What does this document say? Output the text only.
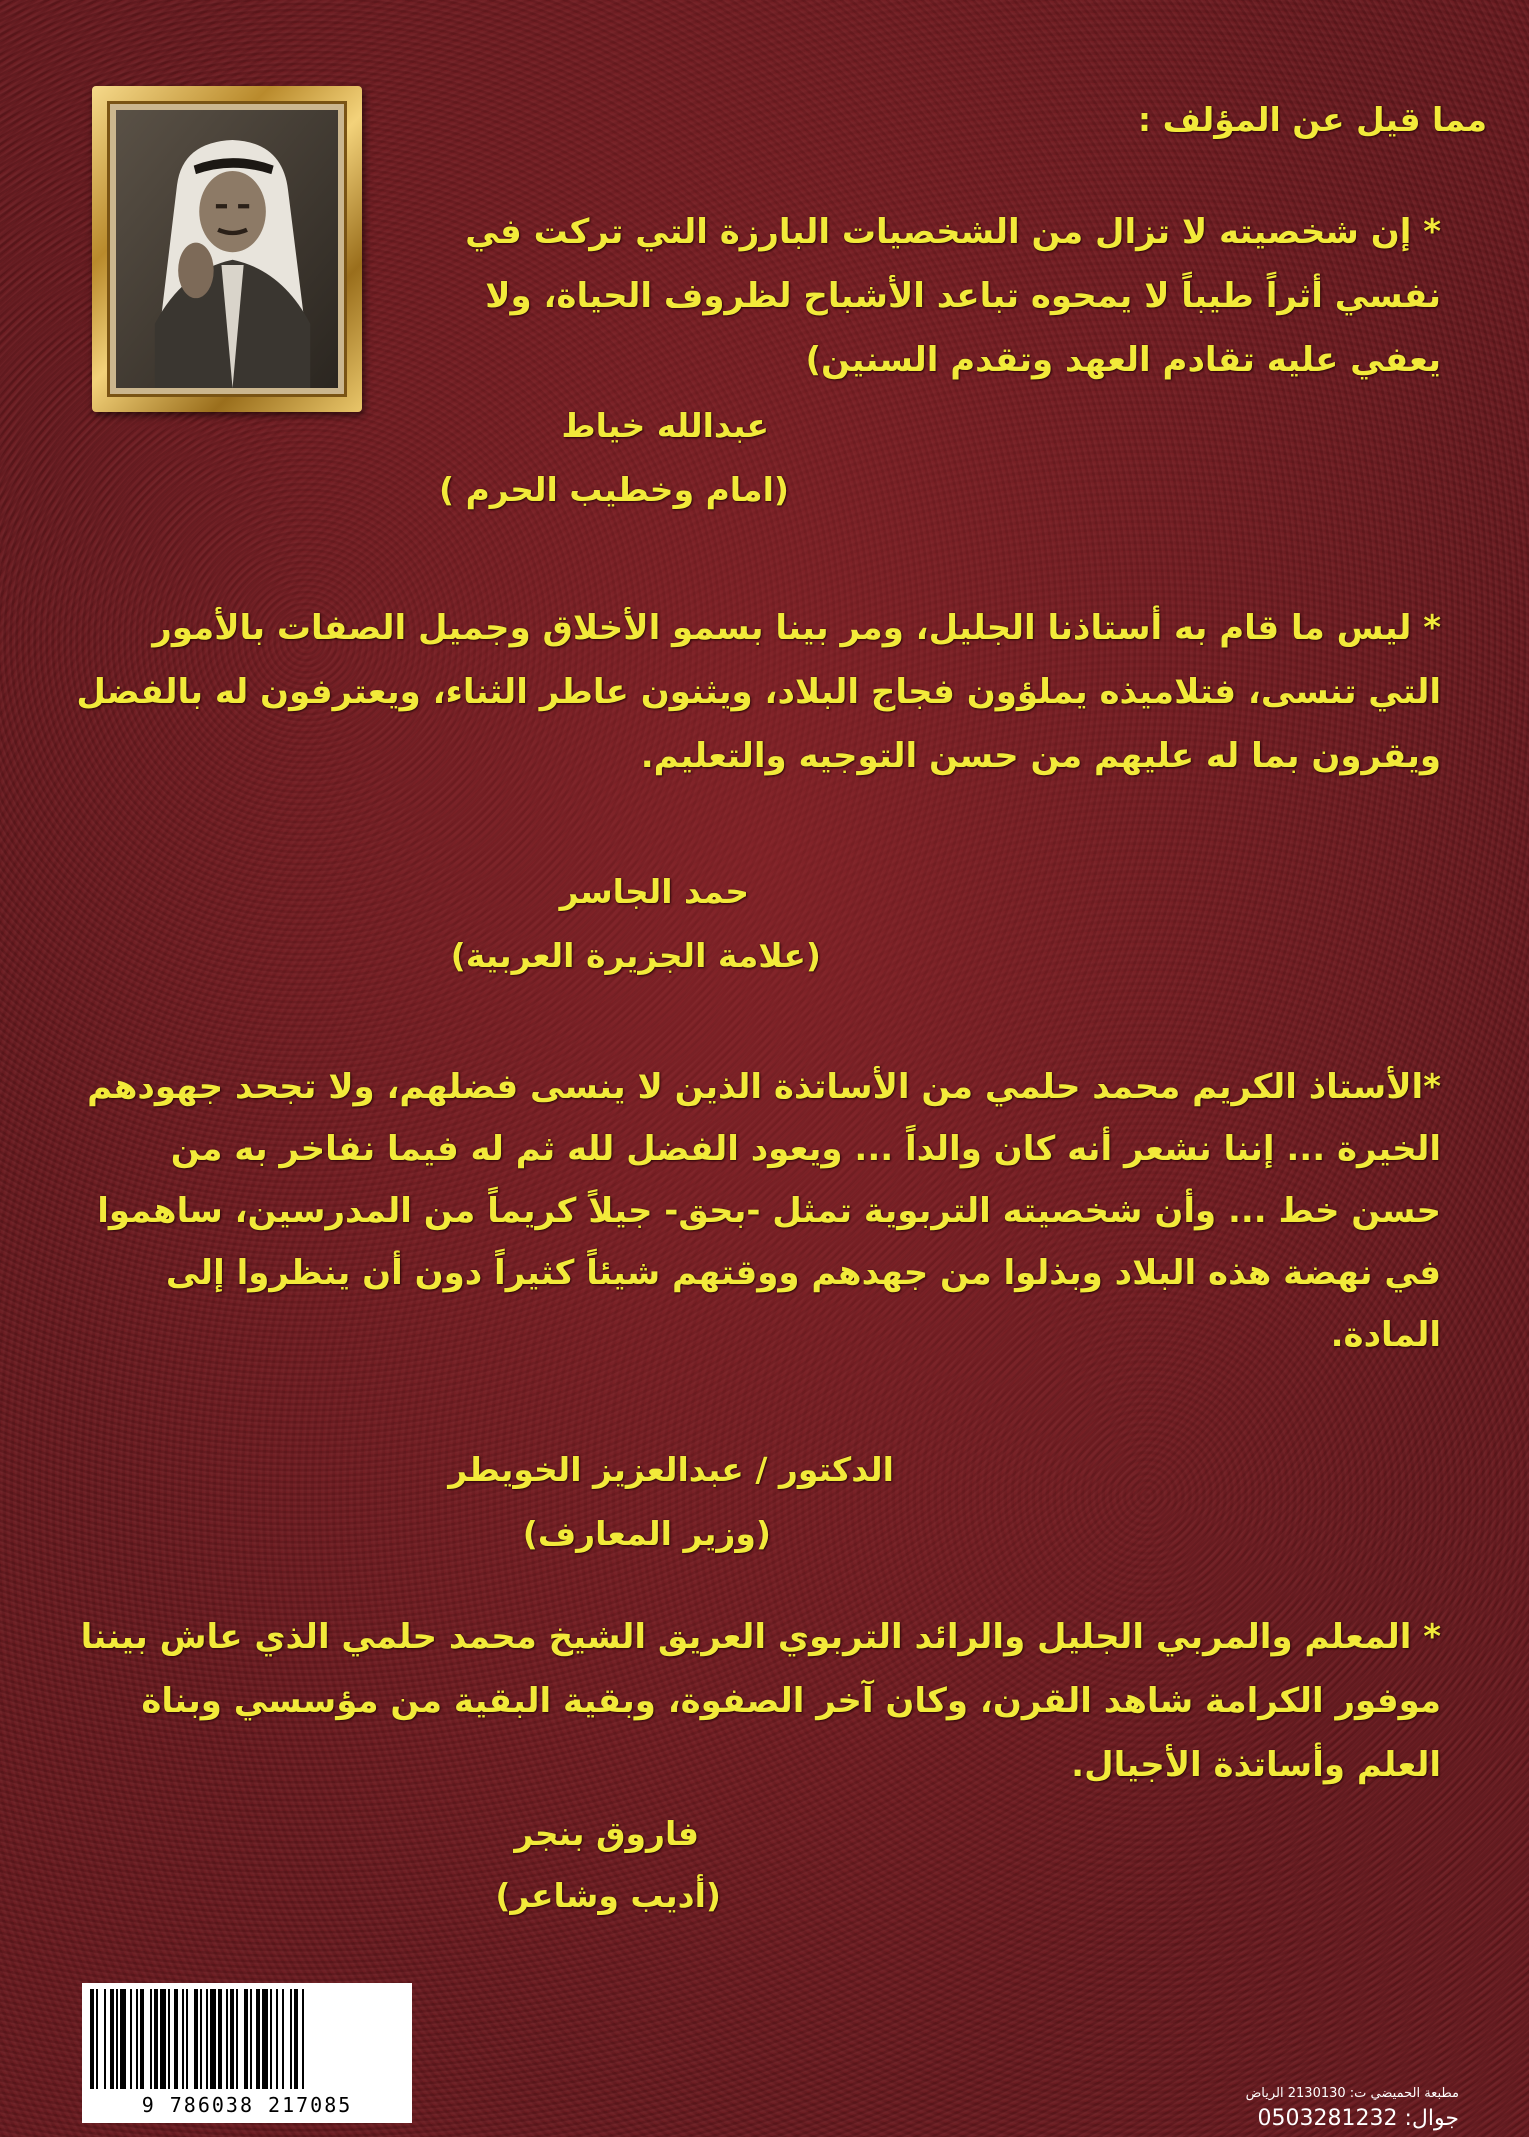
مما قيل عن المؤلف :

* إن شخصيته لا تزال من الشخصيات البارزة التي تركت في نفسي أثراً طيباً لا يمحوه تباعد الأشباح لظروف الحياة، ولا يعفي عليه تقادم العهد وتقدم السنين)

عبدالله خياط

(امام وخطيب الحرم )

* ليس ما قام به أستاذنا الجليل، ومر بينا بسمو الأخلاق وجميل الصفات بالأمور التي تنسى، فتلاميذه يملؤون فجاج البلاد، ويثنون عاطر الثناء، ويعترفون له بالفضل ويقرون بما له عليهم من حسن التوجيه والتعليم.

حمد الجاسر

(علامة الجزيرة العربية)

*الأستاذ الكريم محمد حلمي من الأساتذة الذين لا ينسى فضلهم، ولا تجحد جهودهم الخيرة ... إننا نشعر أنه كان والداً ... ويعود الفضل لله ثم له فيما نفاخر به من حسن خط ... وأن شخصيته التربوية تمثل -بحق- جيلاً كريماً من المدرسين، ساهموا في نهضة هذه البلاد وبذلوا من جهدهم ووقتهم شيئاً كثيراً دون أن ينظروا إلى المادة.

الدكتور / عبدالعزيز الخويطر

(وزير المعارف)

* المعلم والمربي الجليل والرائد التربوي العريق الشيخ محمد حلمي الذي عاش بيننا موفور الكرامة شاهد القرن، وكان آخر الصفوة، وبقية البقية من مؤسسي وبناة العلم وأساتذة الأجيال.

فاروق بنجر

(أديب وشاعر)

9 786038 217085	مطبعة الحميضي ت: 2130130 الرياض

جوال: 0503281232
